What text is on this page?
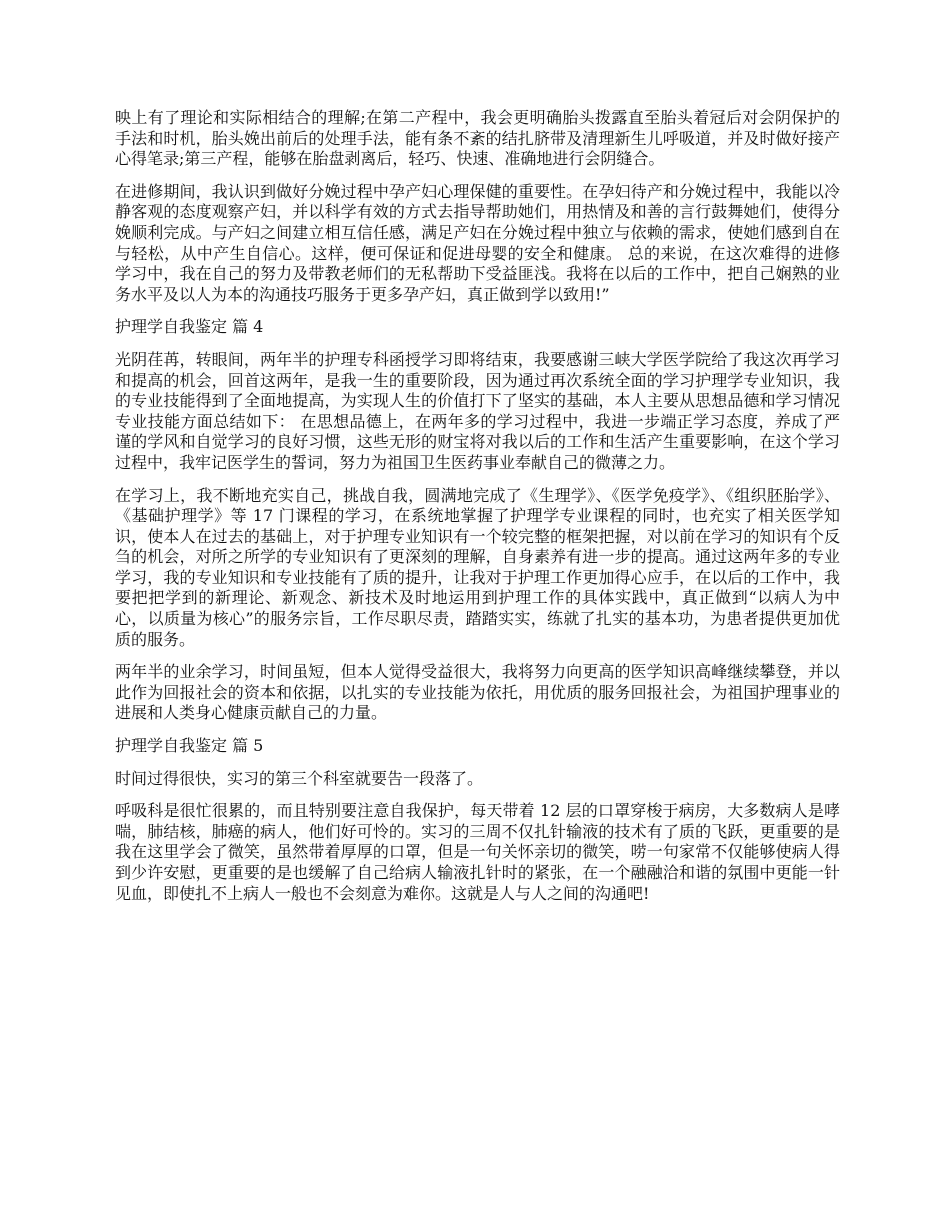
映上有了理论和实际相结合的理解;在第二产程中，我会更明确胎头拨露直至胎头着冠后对会阴保护的手法和时机，胎头娩出前后的处理手法，能有条不紊的结扎脐带及清理新生儿呼吸道，并及时做好接产心得笔录;第三产程，能够在胎盘剥离后，轻巧、快速、准确地进行会阴缝合。

在进修期间，我认识到做好分娩过程中孕产妇心理保健的重要性。在孕妇待产和分娩过程中，我能以冷静客观的态度观察产妇，并以科学有效的方式去指导帮助她们，用热情及和善的言行鼓舞她们，使得分娩顺利完成。与产妇之间建立相互信任感，满足产妇在分娩过程中独立与依赖的需求，使她们感到自在与轻松，从中产生自信心。这样，便可保证和促进母婴的安全和健康。 总的来说，在这次难得的进修学习中，我在自己的努力及带教老师们的无私帮助下受益匪浅。我将在以后的工作中，把自己娴熟的业务水平及以人为本的沟通技巧服务于更多孕产妇，真正做到学以致用!”

护理学自我鉴定 篇 4

光阴荏苒，转眼间，两年半的护理专科函授学习即将结束，我要感谢三峡大学医学院给了我这次再学习和提高的机会，回首这两年，是我一生的重要阶段，因为通过再次系统全面的学习护理学专业知识，我的专业技能得到了全面地提高，为实现人生的价值打下了坚实的基础，本人主要从思想品德和学习情况专业技能方面总结如下： 在思想品德上，在两年多的学习过程中，我进一步端正学习态度，养成了严谨的学风和自觉学习的良好习惯，这些无形的财宝将对我以后的工作和生活产生重要影响，在这个学习过程中，我牢记医学生的誓词，努力为祖国卫生医药事业奉献自己的微薄之力。

在学习上，我不断地充实自己，挑战自我，圆满地完成了《生理学》、《医学免疫学》、《组织胚胎学》、《基础护理学》等 17 门课程的学习，在系统地掌握了护理学专业课程的同时，也充实了相关医学知识，使本人在过去的基础上，对于护理专业知识有一个较完整的框架把握，对以前在学习的知识有个反刍的机会，对所之所学的专业知识有了更深刻的理解，自身素养有进一步的提高。通过这两年多的专业学习，我的专业知识和专业技能有了质的提升，让我对于护理工作更加得心应手，在以后的工作中，我要把把学到的新理论、新观念、新技术及时地运用到护理工作的具体实践中，真正做到“以病人为中心，以质量为核心”的服务宗旨，工作尽职尽责，踏踏实实，练就了扎实的基本功，为患者提供更加优质的服务。

两年半的业余学习，时间虽短，但本人觉得受益很大，我将努力向更高的医学知识高峰继续攀登，并以此作为回报社会的资本和依据，以扎实的专业技能为依托，用优质的服务回报社会，为祖国护理事业的进展和人类身心健康贡献自己的力量。

护理学自我鉴定 篇 5

时间过得很快，实习的第三个科室就要告一段落了。

呼吸科是很忙很累的，而且特别要注意自我保护，每天带着 12 层的口罩穿梭于病房，大多数病人是哮喘，肺结核，肺癌的病人，他们好可怜的。实习的三周不仅扎针输液的技术有了质的飞跃，更重要的是我在这里学会了微笑，虽然带着厚厚的口罩，但是一句关怀亲切的微笑，唠一句家常不仅能够使病人得到少许安慰，更重要的是也缓解了自己给病人输液扎针时的紧张，在一个融融洽和谐的氛围中更能一针见血，即使扎不上病人一般也不会刻意为难你。这就是人与人之间的沟通吧!
